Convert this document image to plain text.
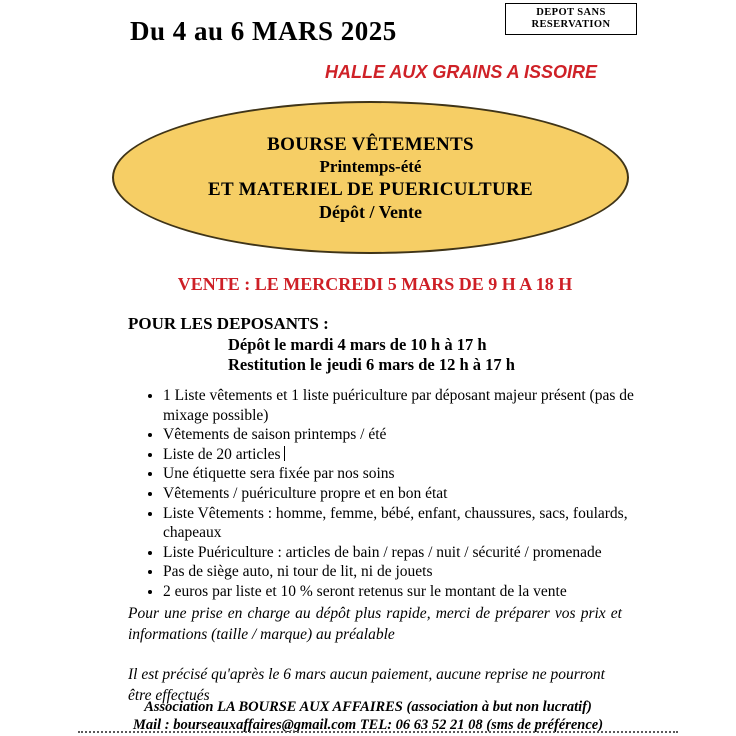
Du 4 au 6 MARS 2025
DEPOT SANS
RESERVATION
HALLE AUX GRAINS A ISSOIRE
BOURSE VÊTEMENTS
Printemps-été
ET MATERIEL DE PUERICULTURE
Dépôt / Vente
VENTE : LE MERCREDI 5 MARS DE 9 H A 18 H
POUR LES DEPOSANTS :
Dépôt le mardi 4 mars de 10 h à 17 h
Restitution le jeudi 6 mars de 12 h à 17 h
• 1 Liste vêtements et 1 liste puériculture par déposant majeur présent (pas de mixage possible)
• Vêtements de saison printemps / été
• Liste de 20 articles
• Une étiquette sera fixée par nos soins
• Vêtements / puériculture propre et en bon état
• Liste Vêtements : homme, femme, bébé, enfant, chaussures, sacs, foulards, chapeaux
• Liste Puériculture : articles de bain / repas / nuit / sécurité / promenade
• Pas de siège auto, ni tour de lit, ni de jouets
• 2 euros par liste et 10 % seront retenus sur le montant de la vente

Pour une prise en charge au dépôt plus rapide, merci de préparer vos prix et informations (taille / marque) au préalable

Il est précisé qu'après le 6 mars aucun paiement, aucune reprise ne pourront être effectués

Association LA BOURSE AUX AFFAIRES (association à but non lucratif)
Mail : bourseauxaffaires@gmail.com TEL: 06 63 52 21 08 (sms de préférence)
